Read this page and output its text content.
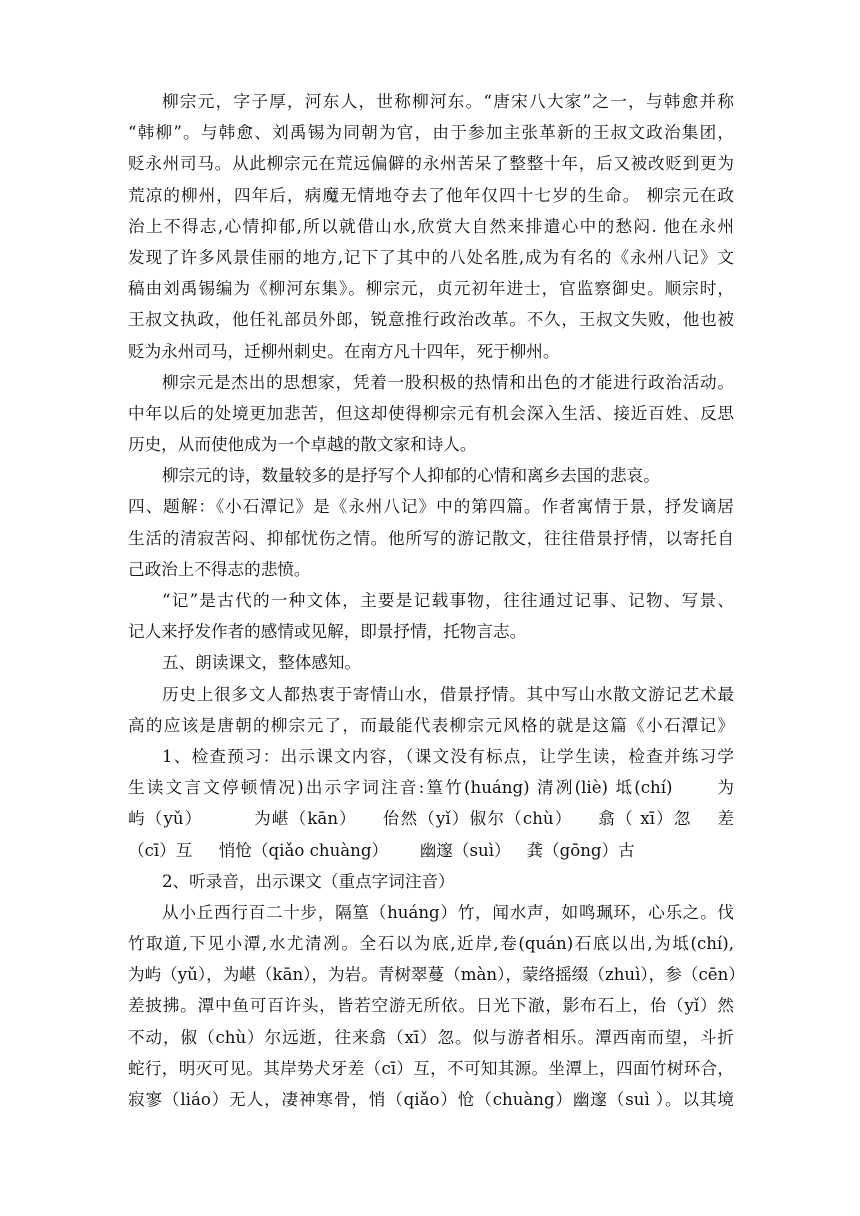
柳宗元，字子厚，河东人，世称柳河东。“唐宋八大家”之一，与韩愈并称
“韩柳”。与韩愈、刘禹锡为同朝为官，由于参加主张革新的王叔文政治集团，
贬永州司马。从此柳宗元在荒远偏僻的永州苦呆了整整十年，后又被改贬到更为
荒凉的柳州，四年后，病魔无情地夺去了他年仅四十七岁的生命。 柳宗元在政
治上不得志,心情抑郁,所以就借山水,欣赏大自然来排遣心中的愁闷. 他在永州
发现了许多风景佳丽的地方,记下了其中的八处名胜,成为有名的《永州八记》文
稿由刘禹锡编为《柳河东集》。柳宗元，贞元初年进士，官监察御史。顺宗时，
王叔文执政，他任礼部员外郎，锐意推行政治改革。不久，王叔文失败，他也被
贬为永州司马，迁柳州刺史。在南方凡十四年，死于柳州。
柳宗元是杰出的思想家，凭着一股积极的热情和出色的才能进行政治活动。
中年以后的处境更加悲苦，但这却使得柳宗元有机会深入生活、接近百姓、反思
历史，从而使他成为一个卓越的散文家和诗人。
柳宗元的诗，数量较多的是抒写个人抑郁的心情和离乡去国的悲哀。
四、题解：《小石潭记》是《永州八记》中的第四篇。作者寓情于景，抒发谪居
生活的清寂苦闷、抑郁忧伤之情。他所写的游记散文，往往借景抒情，以寄托自
己政治上不得志的悲愤。
“记”是古代的一种文体，主要是记载事物，往往通过记事、记物、写景、
记人来抒发作者的感情或见解，即景抒情，托物言志。
五、朗读课文，整体感知。
历史上很多文人都热衷于寄情山水，借景抒情。其中写山水散文游记艺术最
高的应该是唐朝的柳宗元了，而最能代表柳宗元风格的就是这篇《小石潭记》
1、检查预习：出示课文内容，（课文没有标点，让学生读，检查并练习学
生读文言文停顿情况)出示字词注音:篁竹(huáng) 清冽(liè) 坻(chí)      为
屿（yǔ）        为嵁（kān）    佁然（yǐ）俶尔（chù）    翕（ xī）忽    差
（cī）互     悄怆（qiǎo chuàng）      幽邃（suì）   龚（gōng）古
2、听录音，出示课文（重点字词注音）
从小丘西行百二十步，隔篁（huáng）竹，闻水声，如鸣珮环，心乐之。伐
竹取道,下见小潭,水尤清冽。全石以为底,近岸,卷(quán)石底以出,为坻(chí),
为屿（yǔ），为嵁（kān），为岩。青树翠蔓（màn），蒙络摇缀（zhuì），参（cēn）
差披拂。潭中鱼可百许头，皆若空游无所依。日光下澈，影布石上，佁（yǐ）然
不动，俶（chù）尔远逝，往来翕（xī）忽。似与游者相乐。潭西南而望，斗折
蛇行，明灭可见。其岸势犬牙差（cī）互，不可知其源。坐潭上，四面竹树环合，
寂寥（liáo）无人，凄神寒骨，悄（qiǎo）怆（chuàng）幽邃（suì ）。以其境
